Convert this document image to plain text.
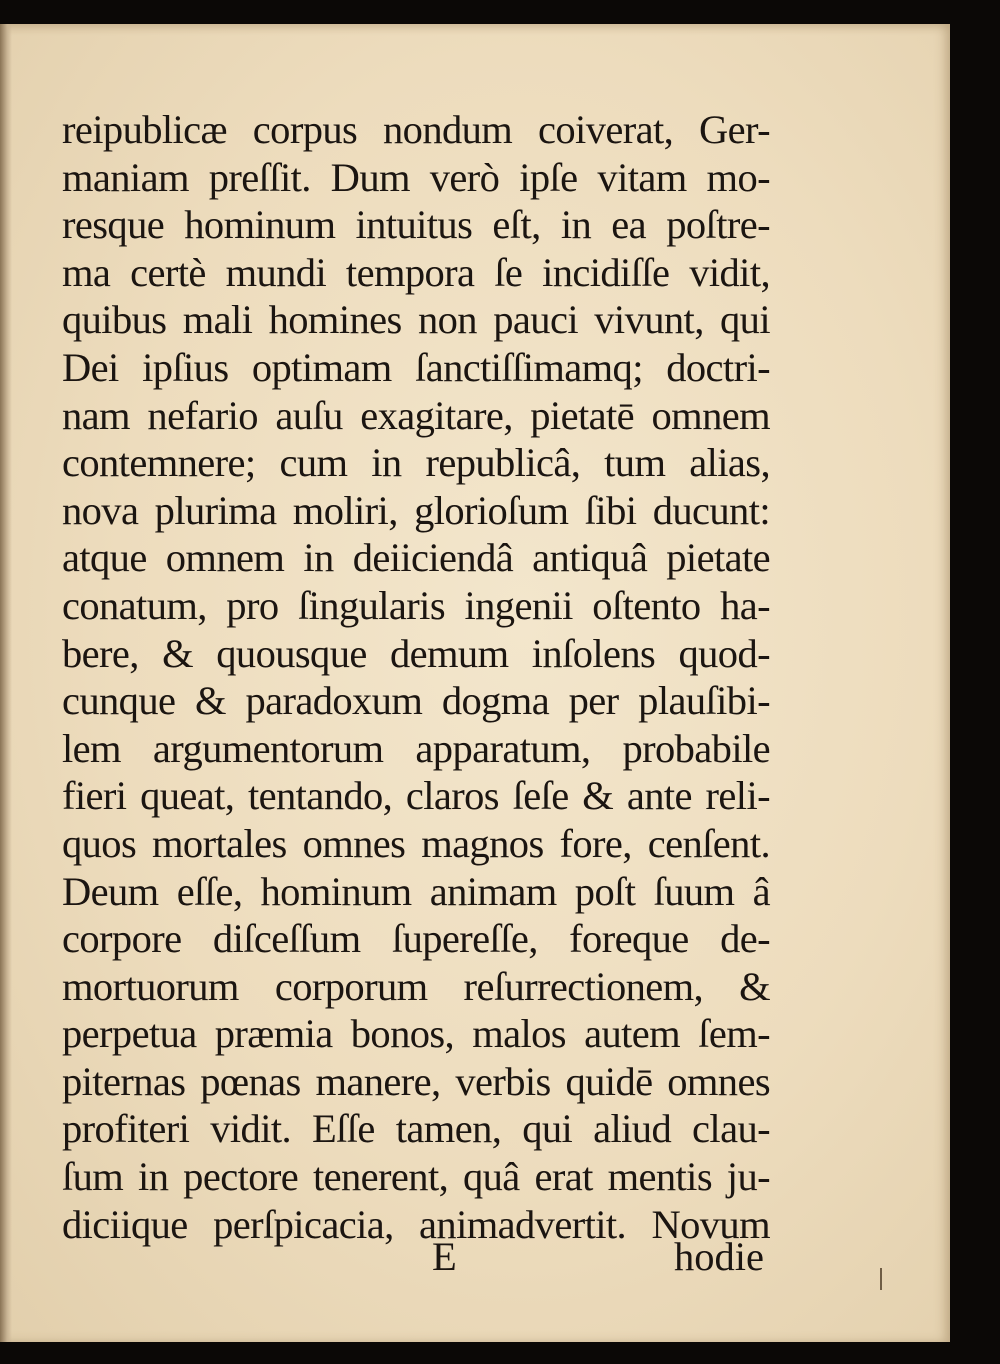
reipublicæ corpus nondum coiverat, Ger-
maniam preſſit. Dum verò ipſe vitam mo-
resque hominum intuitus eſt, in ea poſtre-
ma certè mundi tempora ſe incidiſſe vidit,
quibus mali homines non pauci vivunt, qui
Dei ipſius optimam ſanctiſſimamq; doctri-
nam nefario auſu exagitare, pietatē omnem
contemnere; cum in republicâ, tum alias,
nova plurima moliri, glorioſum ſibi ducunt:
atque omnem in deiiciendâ antiquâ pietate
conatum, pro ſingularis ingenii oſtento ha-
bere, & quousque demum inſolens quod-
cunque & paradoxum dogma per plauſibi-
lem argumentorum apparatum, probabile
fieri queat, tentando, claros ſeſe & ante reli-
quos mortales omnes magnos fore, cenſent.
Deum eſſe, hominum animam poſt ſuum â
corpore diſceſſum ſupereſſe, foreque de-
mortuorum corporum reſurrectionem, &
perpetua præmia bonos, malos autem ſem-
piternas pœnas manere, verbis quidē omnes
profiteri vidit. Eſſe tamen, qui aliud clau-
ſum in pectore tenerent, quâ erat mentis ju-
diciique perſpicacia, animadvertit. Novum
E	hodie
